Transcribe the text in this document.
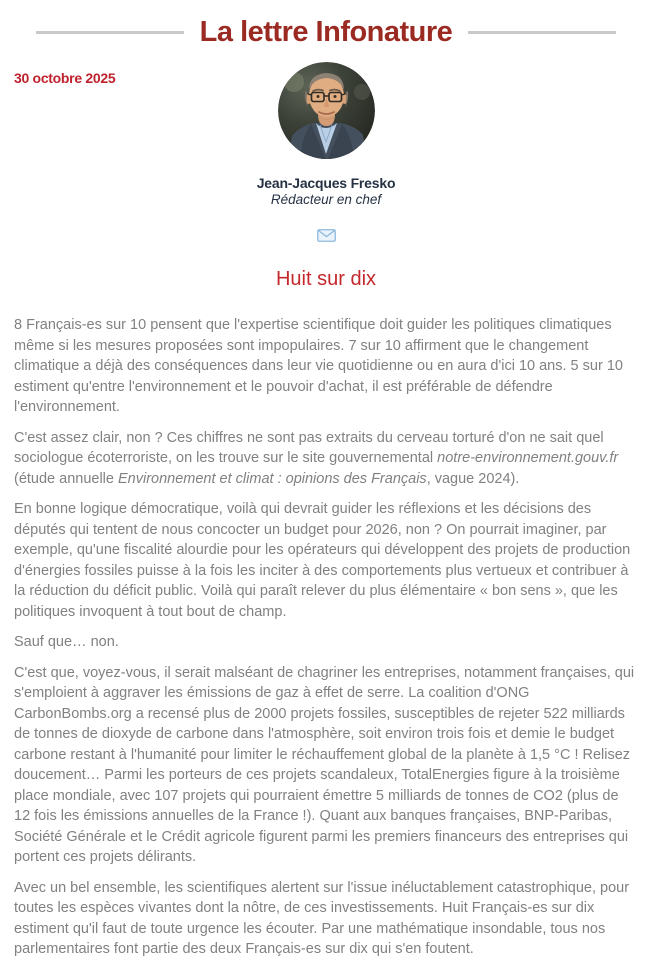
La lettre Infonature
30 octobre 2025
Jean-Jacques Fresko
Rédacteur en chef

Huit sur dix

8 Français-es sur 10 pensent que l'expertise scientifique doit guider les politiques climatiques même si les mesures proposées sont impopulaires. 7 sur 10 affirment que le changement climatique a déjà des conséquences dans leur vie quotidienne ou en aura d'ici 10 ans. 5 sur 10 estiment qu'entre l'environnement et le pouvoir d'achat, il est préférable de défendre l'environnement.

C'est assez clair, non ? Ces chiffres ne sont pas extraits du cerveau torturé d'on ne sait quel sociologue écoterroriste, on les trouve sur le site gouvernemental notre-environnement.gouv.fr (étude annuelle Environnement et climat : opinions des Français, vague 2024).

En bonne logique démocratique, voilà qui devrait guider les réflexions et les décisions des députés qui tentent de nous concocter un budget pour 2026, non ? On pourrait imaginer, par exemple, qu'une fiscalité alourdie pour les opérateurs qui développent des projets de production d'énergies fossiles puisse à la fois les inciter à des comportements plus vertueux et contribuer à la réduction du déficit public. Voilà qui paraît relever du plus élémentaire « bon sens », que les politiques invoquent à tout bout de champ.

Sauf que… non.

C'est que, voyez-vous, il serait malséant de chagriner les entreprises, notamment françaises, qui s'emploient à aggraver les émissions de gaz à effet de serre. La coalition d'ONG CarbonBombs.org a recensé plus de 2000 projets fossiles, susceptibles de rejeter 522 milliards de tonnes de dioxyde de carbone dans l'atmosphère, soit environ trois fois et demie le budget carbone restant à l'humanité pour limiter le réchauffement global de la planète à 1,5 °C ! Relisez doucement… Parmi les porteurs de ces projets scandaleux, TotalEnergies figure à la troisième place mondiale, avec 107 projets qui pourraient émettre 5 milliards de tonnes de CO2 (plus de 12 fois les émissions annuelles de la France !). Quant aux banques françaises, BNP-Paribas, Société Générale et le Crédit agricole figurent parmi les premiers financeurs des entreprises qui portent ces projets délirants.

Avec un bel ensemble, les scientifiques alertent sur l'issue inéluctablement catastrophique, pour toutes les espèces vivantes dont la nôtre, de ces investissements. Huit Français-es sur dix estiment qu'il faut de toute urgence les écouter. Par une mathématique insondable, tous nos parlementaires font partie des deux Français-es sur dix qui s'en foutent.
